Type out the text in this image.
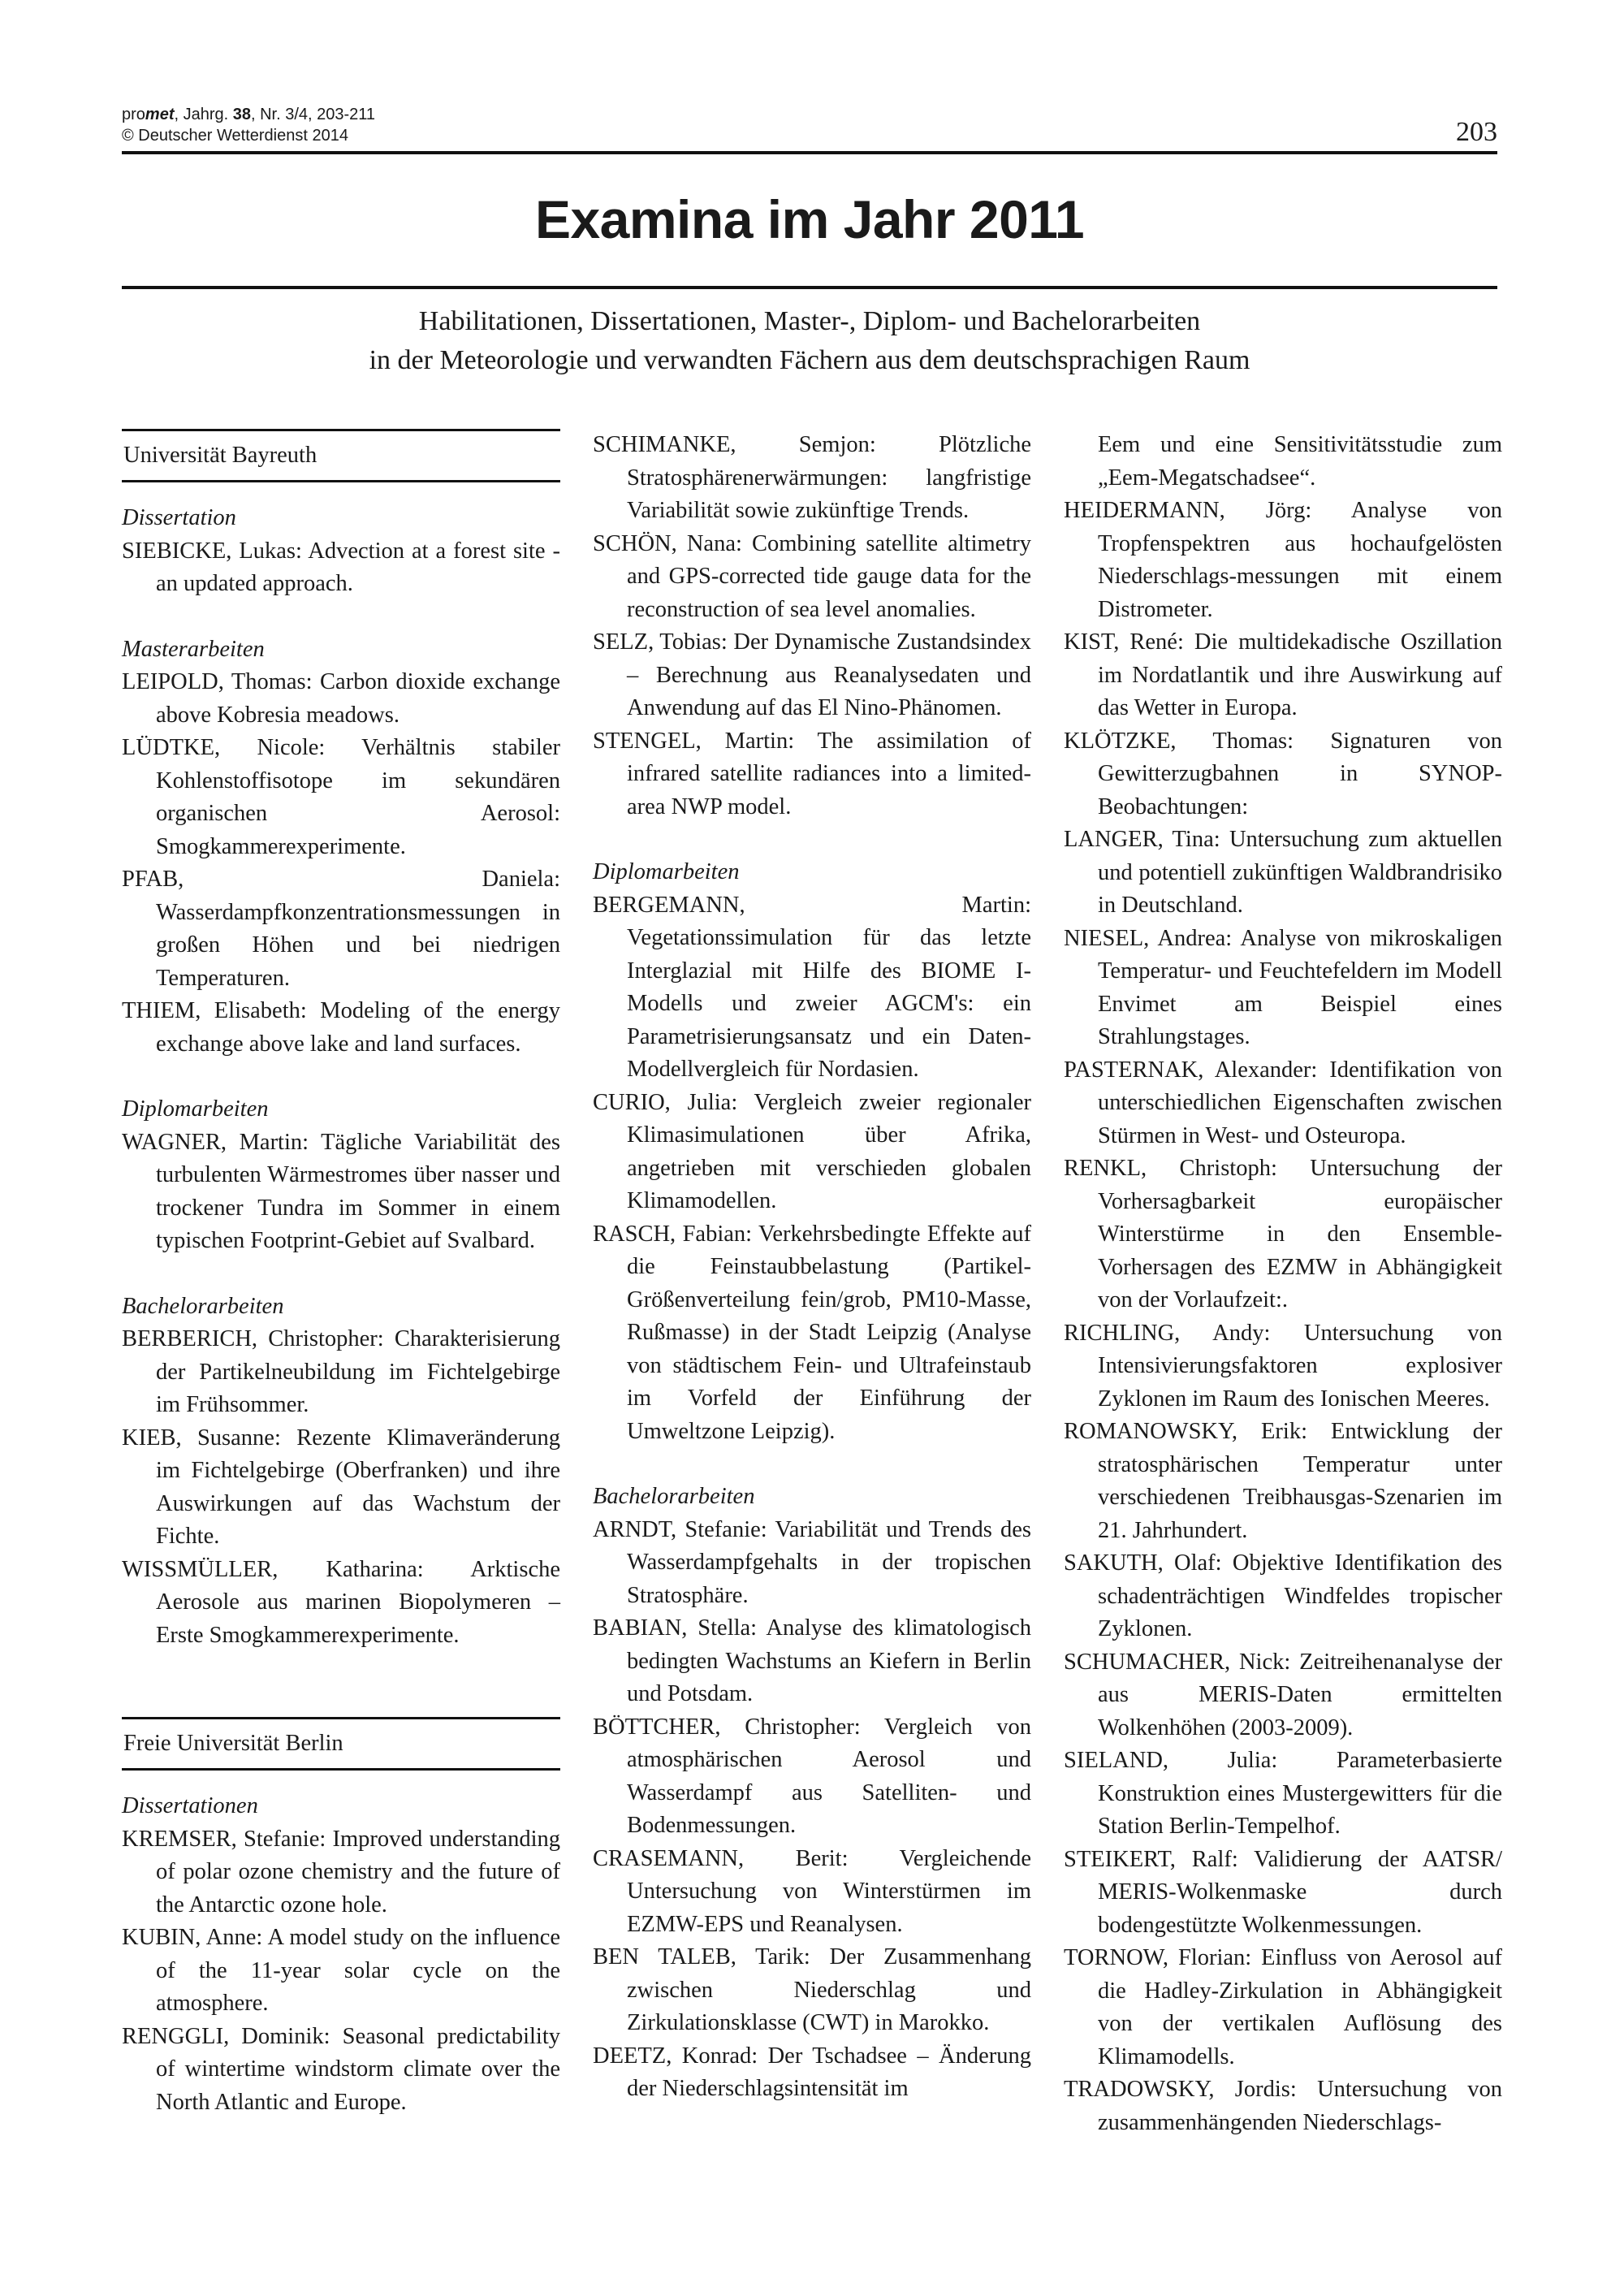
promet, Jahrg. 38, Nr. 3/4, 203-211
© Deutscher Wetterdienst 2014	203
Examina im Jahr 2011
Habilitationen, Dissertationen, Master-, Diplom- und Bachelorarbeiten
in der Meteorologie und verwandten Fächern aus dem deutschsprachigen Raum
Universität Bayreuth
Dissertation
SIEBICKE, Lukas: Advection at a forest site - an updated approach.
Masterarbeiten
LEIPOLD, Thomas: Carbon dioxide exchange above Kobresia meadows.
LÜDTKE, Nicole: Verhältnis stabiler Kohlenstoffisotope im sekundären organischen Aerosol: Smogkammerexperimente.
PFAB, Daniela: Wasserdampfkonzentrationsmessungen in großen Höhen und bei niedrigen Temperaturen.
THIEM, Elisabeth: Modeling of the energy exchange above lake and land surfaces.
Diplomarbeiten
WAGNER, Martin: Tägliche Variabilität des turbulenten Wärmestromes über nasser und trockener Tundra im Sommer in einem typischen Footprint-Gebiet auf Svalbard.
Bachelorarbeiten
BERBERICH, Christopher: Charakterisierung der Partikelneubildung im Fichtelgebirge im Frühsommer.
KIEB, Susanne: Rezente Klimaveränderung im Fichtelgebirge (Oberfranken) und ihre Auswirkungen auf das Wachstum der Fichte.
WISSMÜLLER, Katharina: Arktische Aerosole aus marinen Biopolymeren – Erste Smogkammerexperimente.
Freie Universität Berlin
Dissertationen
KREMSER, Stefanie: Improved understanding of polar ozone chemistry and the future of the Antarctic ozone hole.
KUBIN, Anne: A model study on the influence of the 11-year solar cycle on the atmosphere.
RENGGLI, Dominik: Seasonal predictability of wintertime windstorm climate over the North Atlantic and Europe.
SCHIMANKE, Semjon: Plötzliche Stratosphärenerwärmungen: langfristige Variabilität sowie zukünftige Trends.
SCHÖN, Nana: Combining satellite altimetry and GPS-corrected tide gauge data for the reconstruction of sea level anomalies.
SELZ, Tobias: Der Dynamische Zustandsindex – Berechnung aus Reanalysedaten und Anwendung auf das El Nino-Phänomen.
STENGEL, Martin: The assimilation of infrared satellite radiances into a limited-area NWP model.
Diplomarbeiten
BERGEMANN, Martin: Vegetationssimulation für das letzte Interglazial mit Hilfe des BIOME I-Modells und zweier AGCM's: ein Parametrisierungsansatz und ein Daten-Modellvergleich für Nordasien.
CURIO, Julia: Vergleich zweier regionaler Klimasimulationen über Afrika, angetrieben mit verschieden globalen Klimamodellen.
RASCH, Fabian: Verkehrsbedingte Effekte auf die Feinstaubbelastung (Partikel-Größenverteilung fein/grob, PM10-Masse, Rußmasse) in der Stadt Leipzig (Analyse von städtischem Fein- und Ultrafeinstaub im Vorfeld der Einführung der Umweltzone Leipzig).
Bachelorarbeiten
ARNDT, Stefanie: Variabilität und Trends des Wasserdampfgehalts in der tropischen Stratosphäre.
BABIAN, Stella: Analyse des klimatologisch bedingten Wachstums an Kiefern in Berlin und Potsdam.
BÖTTCHER, Christopher: Vergleich von atmosphärischen Aerosol und Wasserdampf aus Satelliten- und Bodenmessungen.
CRASEMANN, Berit: Vergleichende Untersuchung von Winterstürmen im EZMW-EPS und Reanalysen.
BEN TALEB, Tarik: Der Zusammenhang zwischen Niederschlag und Zirkulationsklasse (CWT) in Marokko.
DEETZ, Konrad: Der Tschadsee – Änderung der Niederschlagsintensität im
Eem und eine Sensitivitätsstudie zum „Eem-Megatschadsee“.
HEIDERMANN, Jörg: Analyse von Tropfenspektren aus hochaufgelösten Niederschlags-messungen mit einem Distrometer.
KIST, René: Die multidekadische Oszillation im Nordatlantik und ihre Auswirkung auf das Wetter in Europa.
KLÖTZKE, Thomas: Signaturen von Gewitterzugbahnen in SYNOP-Beobachtungen:
LANGER, Tina: Untersuchung zum aktuellen und potentiell zukünftigen Waldbrandrisiko in Deutschland.
NIESEL, Andrea: Analyse von mikroskaligen Temperatur- und Feuchtefeldern im Modell Envimet am Beispiel eines Strahlungstages.
PASTERNAK, Alexander: Identifikation von unterschiedlichen Eigenschaften zwischen Stürmen in West- und Osteuropa.
RENKL, Christoph: Untersuchung der Vorhersagbarkeit europäischer Winterstürme in den Ensemble-Vorhersagen des EZMW in Abhängigkeit von der Vorlaufzeit:.
RICHLING, Andy: Untersuchung von Intensivierungsfaktoren explosiver Zyklonen im Raum des Ionischen Meeres.
ROMANOWSKY, Erik: Entwicklung der stratosphärischen Temperatur unter verschiedenen Treibhausgas-Szenarien im 21. Jahrhundert.
SAKUTH, Olaf: Objektive Identifikation des schadenträchtigen Windfeldes tropischer Zyklonen.
SCHUMACHER, Nick: Zeitreihenanalyse der aus MERIS-Daten ermittelten Wolkenhöhen (2003-2009).
SIELAND, Julia: Parameterbasierte Konstruktion eines Mustergewitters für die Station Berlin-Tempelhof.
STEIKERT, Ralf: Validierung der AATSR/ MERIS-Wolkenmaske durch bodengestützte Wolkenmessungen.
TORNOW, Florian: Einfluss von Aerosol auf die Hadley-Zirkulation in Abhängigkeit von der vertikalen Auflösung des Klimamodells.
TRADOWSKY, Jordis: Untersuchung von zusammenhängenden Niederschlags-
